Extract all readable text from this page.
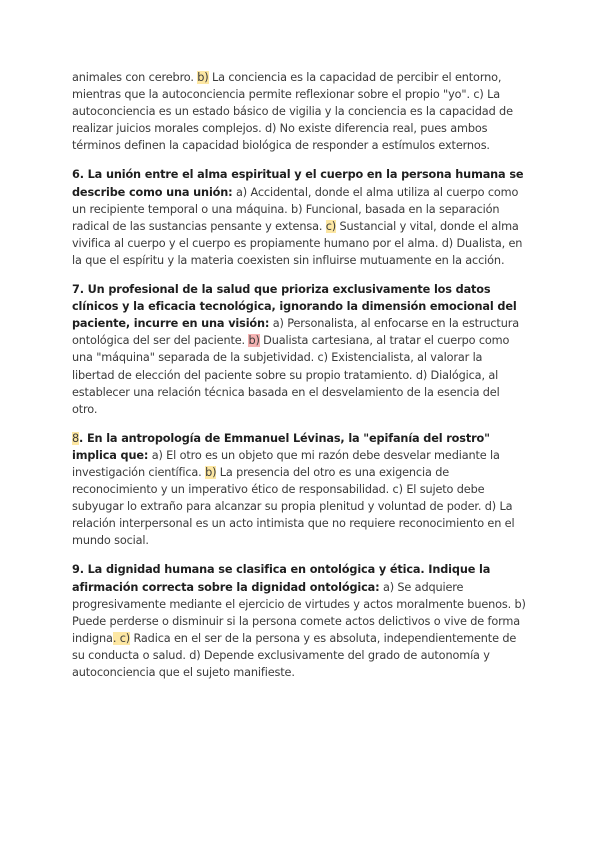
animales con cerebro. b) La conciencia es la capacidad de percibir el entorno, mientras que la autoconciencia permite reflexionar sobre el propio "yo". c) La autoconciencia es un estado básico de vigilia y la conciencia es la capacidad de realizar juicios morales complejos. d) No existe diferencia real, pues ambos términos definen la capacidad biológica de responder a estímulos externos.

6. La unión entre el alma espiritual y el cuerpo en la persona humana se describe como una unión: a) Accidental, donde el alma utiliza al cuerpo como un recipiente temporal o una máquina. b) Funcional, basada en la separación radical de las sustancias pensante y extensa. c) Sustancial y vital, donde el alma vivifica al cuerpo y el cuerpo es propiamente humano por el alma. d) Dualista, en la que el espíritu y la materia coexisten sin influirse mutuamente en la acción.

7. Un profesional de la salud que prioriza exclusivamente los datos clínicos y la eficacia tecnológica, ignorando la dimensión emocional del paciente, incurre en una visión: a) Personalista, al enfocarse en la estructura ontológica del ser del paciente. b) Dualista cartesiana, al tratar el cuerpo como una "máquina" separada de la subjetividad. c) Existencialista, al valorar la libertad de elección del paciente sobre su propio tratamiento. d) Dialógica, al establecer una relación técnica basada en el desvelamiento de la esencia del otro.

8. En la antropología de Emmanuel Lévinas, la "epifanía del rostro" implica que: a) El otro es un objeto que mi razón debe desvelar mediante la investigación científica. b) La presencia del otro es una exigencia de reconocimiento y un imperativo ético de responsabilidad. c) El sujeto debe subyugar lo extraño para alcanzar su propia plenitud y voluntad de poder. d) La relación interpersonal es un acto intimista que no requiere reconocimiento en el mundo social.

9. La dignidad humana se clasifica en ontológica y ética. Indique la afirmación correcta sobre la dignidad ontológica: a) Se adquiere progresivamente mediante el ejercicio de virtudes y actos moralmente buenos. b) Puede perderse o disminuir si la persona comete actos delictivos o vive de forma indigna. c) Radica en el ser de la persona y es absoluta, independientemente de su conducta o salud. d) Depende exclusivamente del grado de autonomía y autoconciencia que el sujeto manifieste.
